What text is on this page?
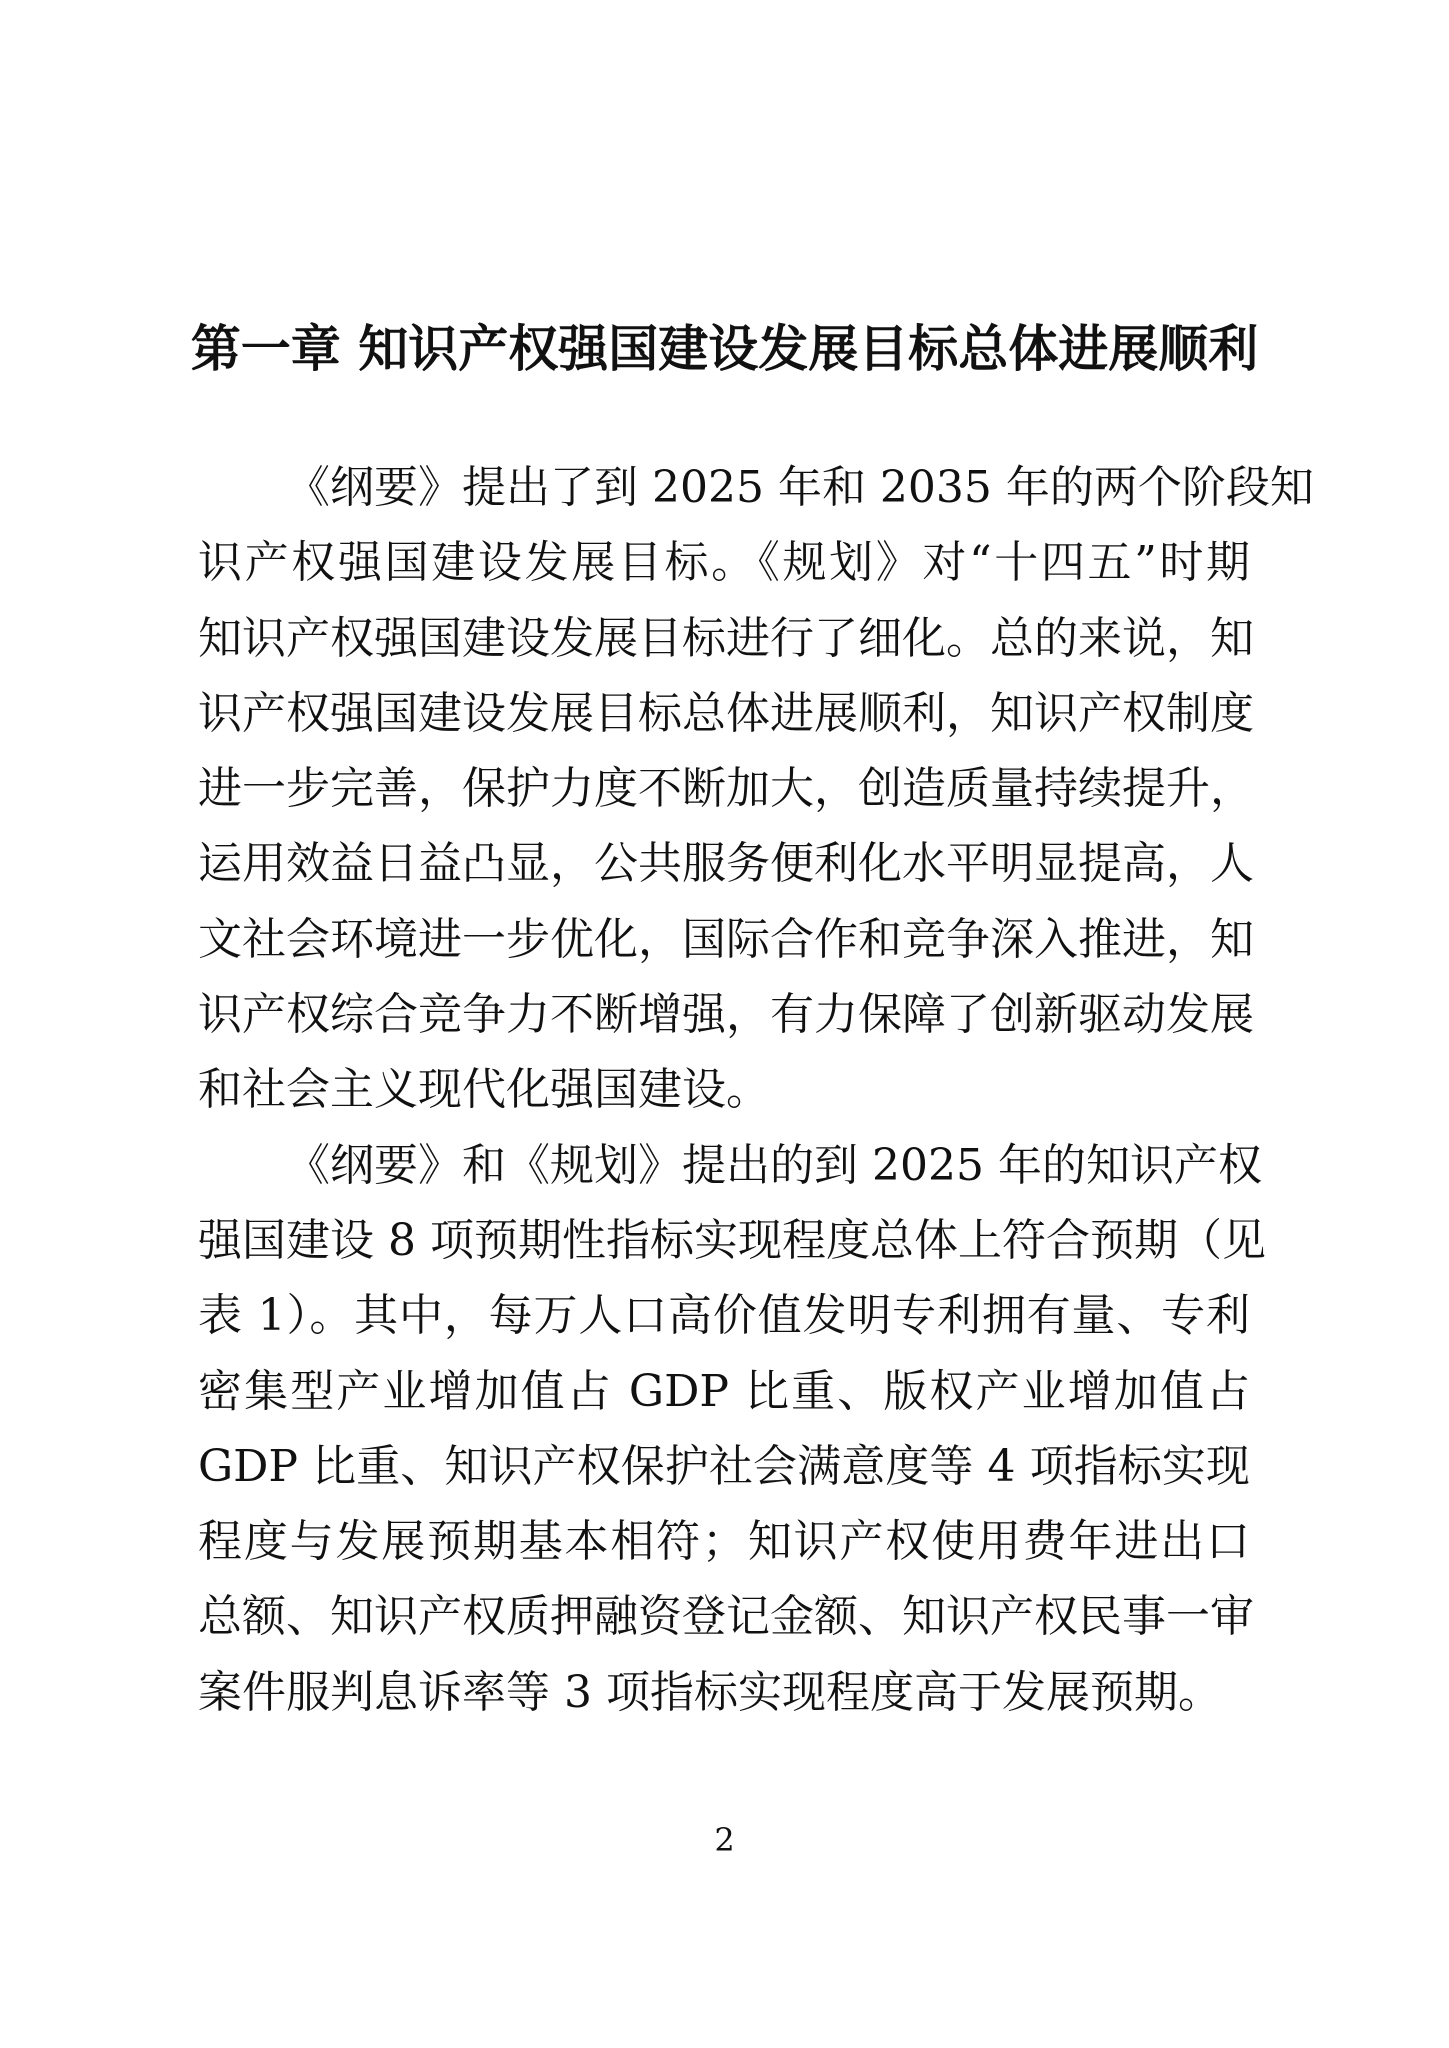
第一章 知识产权强国建设发展目标总体进展顺利
《纲要》提出了到 2025 年和 2035 年的两个阶段知
识产权强国建设发展目标。《规划》对“十四五”时期
知识产权强国建设发展目标进行了细化。总的来说，知
识产权强国建设发展目标总体进展顺利，知识产权制度
进一步完善，保护力度不断加大，创造质量持续提升，
运用效益日益凸显，公共服务便利化水平明显提高，人
文社会环境进一步优化，国际合作和竞争深入推进，知
识产权综合竞争力不断增强，有力保障了创新驱动发展
和社会主义现代化强国建设。
《纲要》和《规划》提出的到 2025 年的知识产权
强国建设 8 项预期性指标实现程度总体上符合预期（见
表 1）。其中，每万人口高价值发明专利拥有量、专利
密集型产业增加值占 GDP 比重、版权产业增加值占
GDP 比重、知识产权保护社会满意度等 4 项指标实现
程度与发展预期基本相符；知识产权使用费年进出口
总额、知识产权质押融资登记金额、知识产权民事一审
案件服判息诉率等 3 项指标实现程度高于发展预期。
2
